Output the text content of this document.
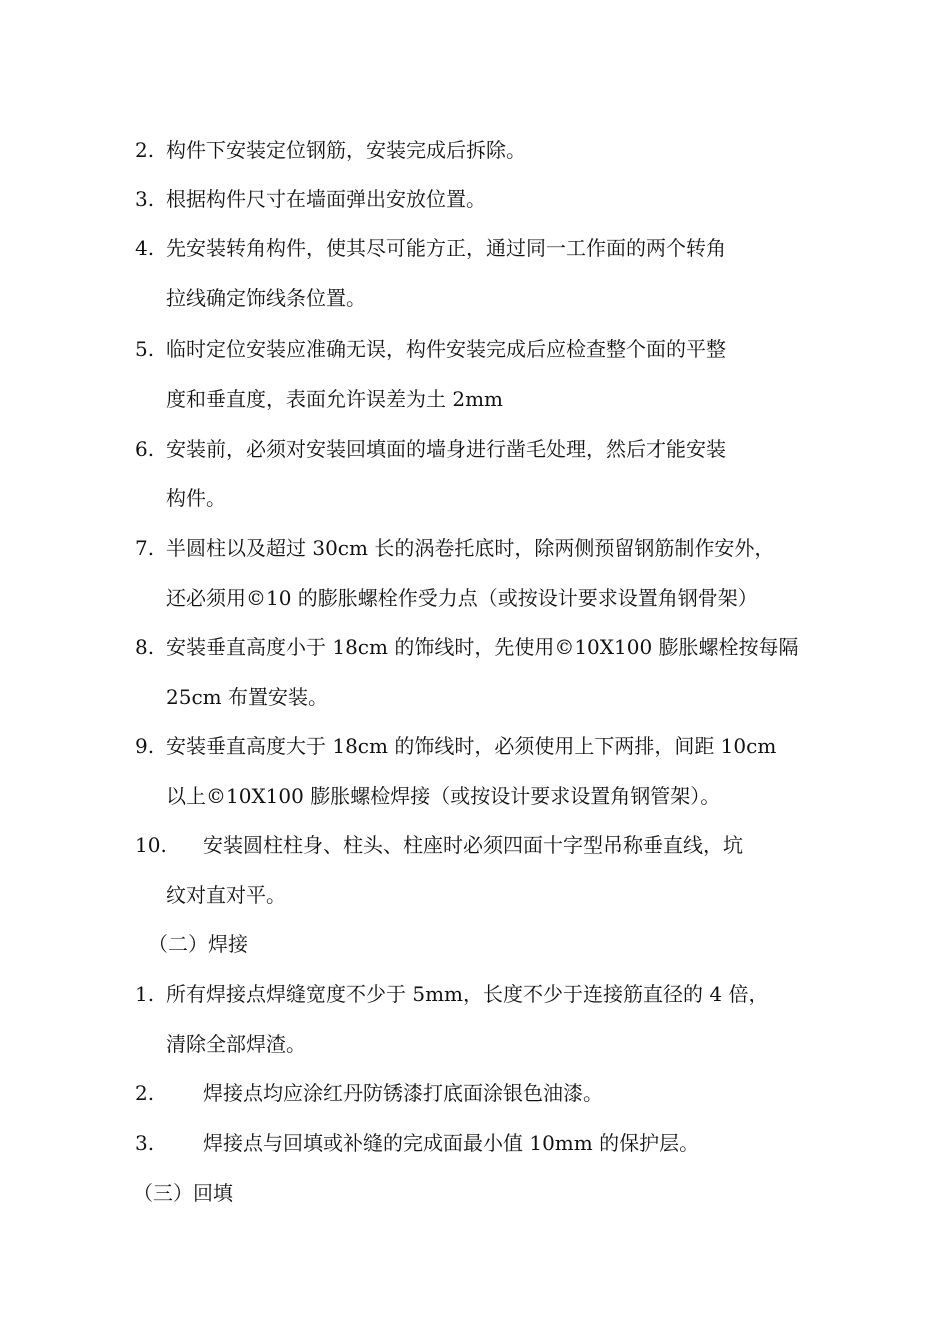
2. 构件下安装定位钢筋，安装完成后拆除。
3. 根据构件尺寸在墙面弹出安放位置。
4. 先安装转角构件，使其尽可能方正，通过同一工作面的两个转角
拉线确定饰线条位置。
5. 临时定位安装应准确无误，构件安装完成后应检查整个面的平整
度和垂直度，表面允许误差为土 2mm
6. 安装前，必须对安装回填面的墙身进行凿毛处理，然后才能安装
构件。
7. 半圆柱以及超过 30cm 长的涡卷托底时，除两侧预留钢筋制作安外，
还必须用©10 的膨胀螺栓作受力点（或按设计要求设置角钢骨架）
8. 安装垂直高度小于 18cm 的饰线时，先使用©10X100 膨胀螺栓按每隔
25cm 布置安装。
9. 安装垂直高度大于 18cm 的饰线时，必须使用上下两排，间距 10cm
以上©10X100 膨胀螺检焊接（或按设计要求设置角钢管架）。
10. 安装圆柱柱身、柱头、柱座时必须四面十字型吊称垂直线，坑
纹对直对平。
（二）焊接
1. 所有焊接点焊缝宽度不少于 5mm，长度不少于连接筋直径的 4 倍，
清除全部焊渣。
2. 焊接点均应涂红丹防锈漆打底面涂银色油漆。
3. 焊接点与回填或补缝的完成面最小值 10mm 的保护层。
（三）回填
